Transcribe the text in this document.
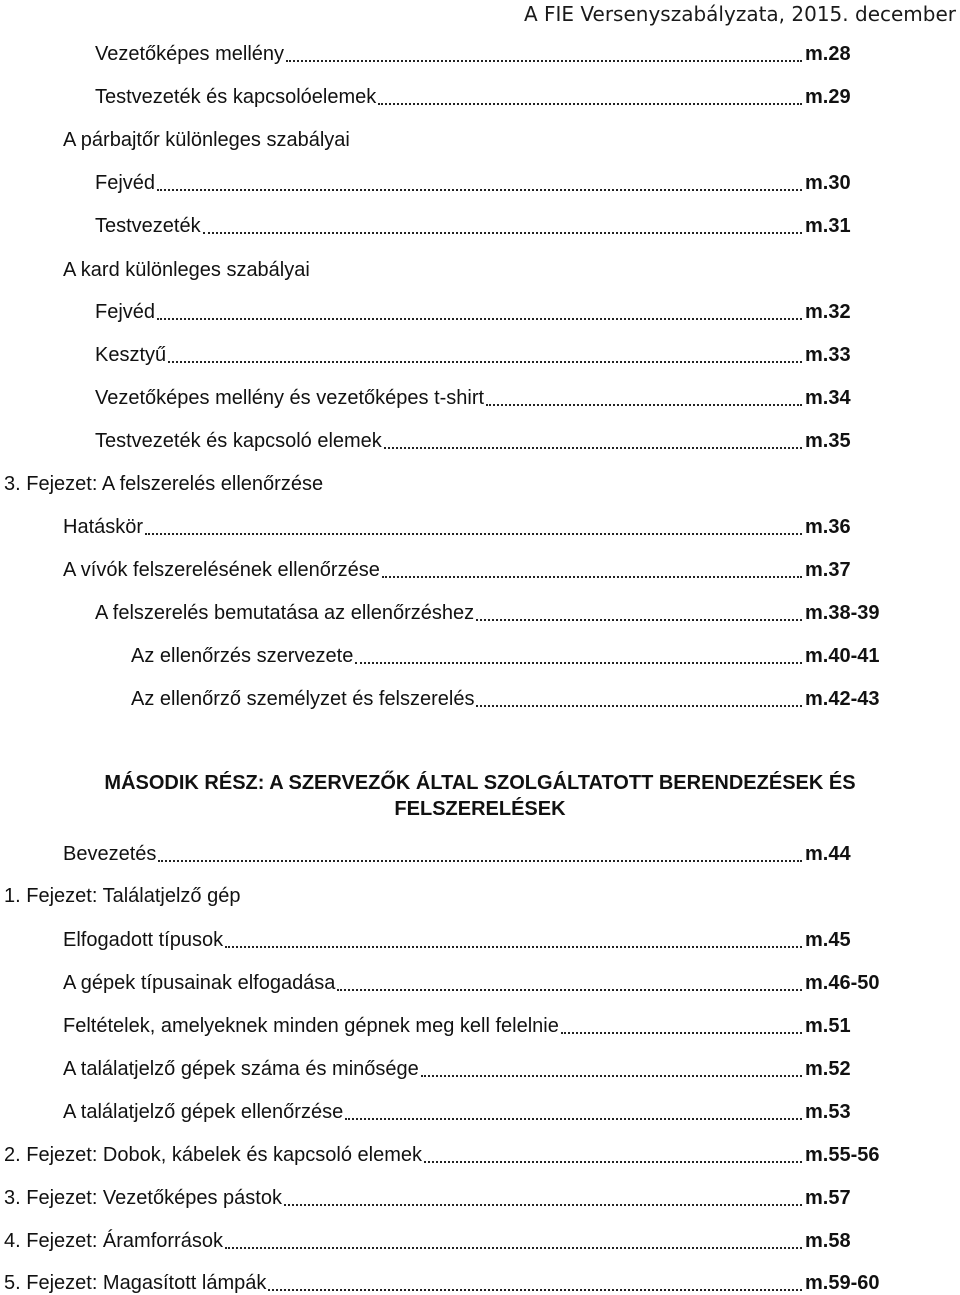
A FIE Versenyszabályzata, 2015. december
Vezetőképes mellény	m.28
Testvezeték és kapcsolóelemek	m.29
A párbajtőr különleges szabályai
Fejvéd	m.30
Testvezeték	m.31
A kard különleges szabályai
Fejvéd	m.32
Kesztyű	m.33
Vezetőképes mellény és vezetőképes t-shirt	m.34
Testvezeték és kapcsoló elemek	m.35
3. Fejezet: A felszerelés ellenőrzése
Hatáskör	m.36
A vívók felszerelésének ellenőrzése	m.37
A felszerelés bemutatása az ellenőrzéshez	m.38-39
Az ellenőrzés szervezete	m.40-41
Az ellenőrző személyzet és felszerelés	m.42-43
MÁSODIK RÉSZ: A SZERVEZŐK ÁLTAL SZOLGÁLTATOTT BERENDEZÉSEK ÉS FELSZERELÉSEK
Bevezetés	m.44
1. Fejezet: Találatjelző gép
Elfogadott típusok	m.45
A gépek típusainak elfogadása	m.46-50
Feltételek, amelyeknek minden gépnek meg kell felelnie	m.51
A találatjelző gépek száma és minősége	m.52
A találatjelző gépek ellenőrzése	m.53
2. Fejezet: Dobok, kábelek és kapcsoló elemek	m.55-56
3. Fejezet: Vezetőképes pástok	m.57
4. Fejezet: Áramforrások	m.58
5. Fejezet: Magasított lámpák	m.59-60
